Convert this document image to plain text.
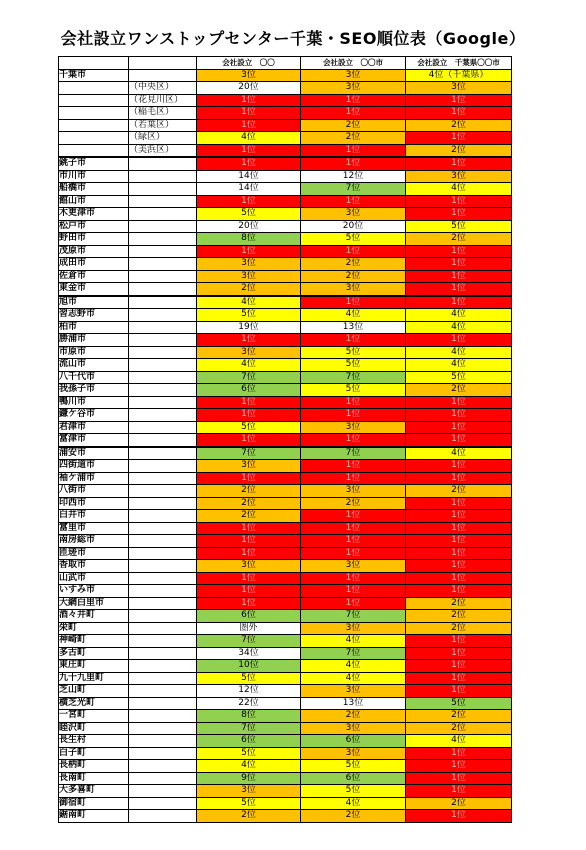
会社設立ワンストップセンター千葉・SEO順位表（Google）
		会社設立　〇〇	会社設立　〇〇市	会社設立　千葉県〇〇市
千葉市		3位	3位	4位（千葉県）
	（中央区）	20位	3位	3位
	（花見川区）	1位	1位	1位
	（稲毛区）	1位	1位	1位
	（若葉区）	1位	2位	2位
	（緑区）	4位	2位	1位
	（美浜区）	1位	1位	2位
銚子市		1位	1位	1位
市川市		14位	12位	3位
船橋市		14位	7位	4位
館山市		1位	1位	1位
木更津市		5位	3位	1位
松戸市		20位	20位	5位
野田市		8位	5位	2位
茂原市		1位	1位	1位
成田市		3位	2位	1位
佐倉市		3位	2位	1位
東金市		2位	3位	1位
旭市		4位	1位	1位
習志野市		5位	4位	4位
柏市		19位	13位	4位
勝浦市		1位	1位	1位
市原市		3位	5位	4位
流山市		4位	5位	4位
八千代市		7位	7位	5位
我孫子市		6位	5位	2位
鴨川市		1位	1位	1位
鎌ケ谷市		1位	1位	1位
君津市		5位	3位	1位
富津市		1位	1位	1位
浦安市		7位	7位	4位
四街道市		3位	1位	1位
袖ケ浦市		1位	1位	1位
八街市		2位	3位	2位
印西市		2位	2位	1位
白井市		2位	1位	1位
富里市		1位	1位	1位
南房総市		1位	1位	1位
匝瑳市		1位	1位	1位
香取市		3位	3位	1位
山武市		1位	1位	1位
いすみ市		1位	1位	1位
大網白里市		1位	1位	2位
酒々井町		6位	7位	2位
栄町		圏外	3位	2位
神崎町		7位	4位	1位
多古町		34位	7位	1位
東庄町		10位	4位	1位
九十九里町		5位	4位	1位
芝山町		12位	3位	1位
横芝光町		22位	13位	5位
一宮町		8位	2位	2位
睦沢町		7位	3位	2位
長生村		6位	6位	4位
白子町		5位	3位	1位
長柄町		4位	5位	1位
長南町		9位	6位	1位
大多喜町		3位	5位	1位
御宿町		5位	4位	2位
鋸南町		2位	2位	1位
